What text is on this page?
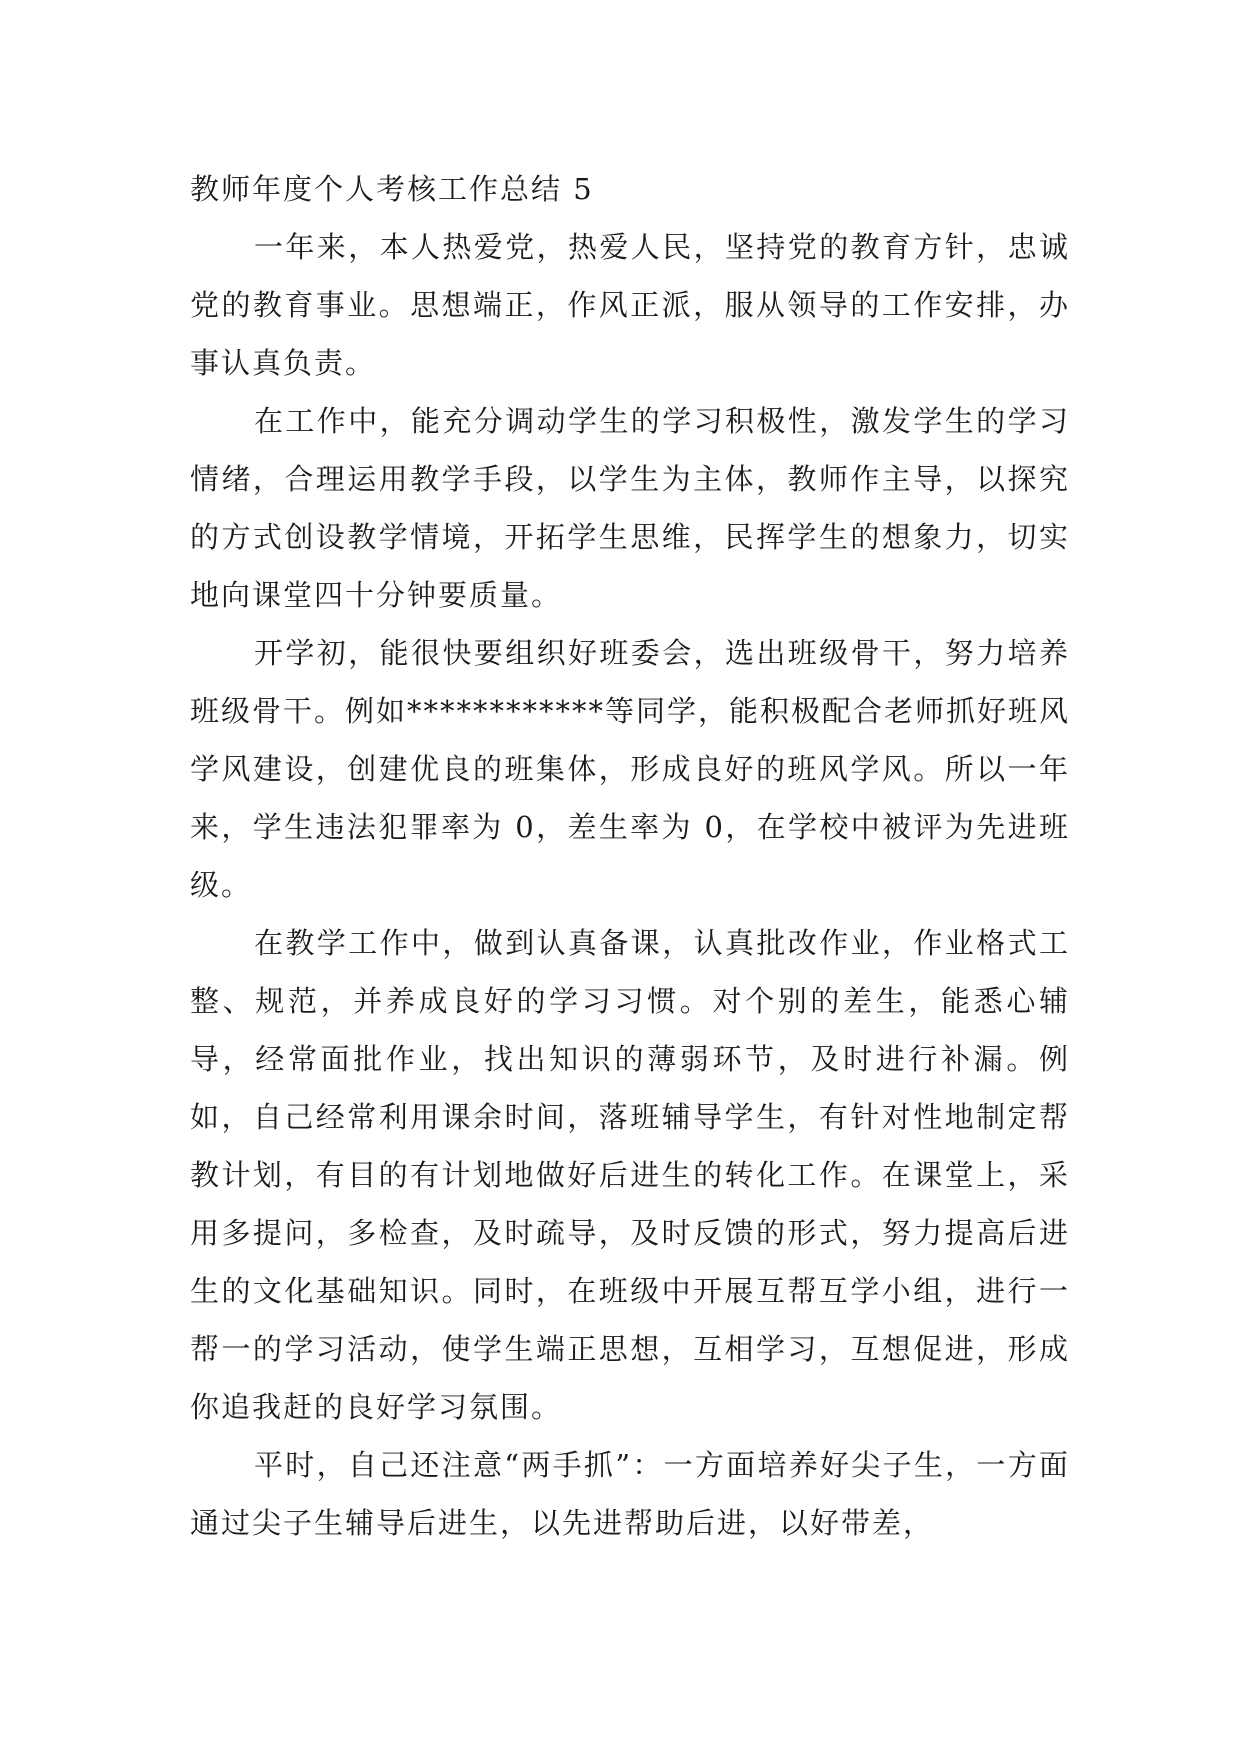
教师年度个人考核工作总结 5

一年来，本人热爱党，热爱人民，坚持党的教育方针，忠诚党的教育事业。思想端正，作风正派，服从领导的工作安排，办事认真负责。

在工作中，能充分调动学生的学习积极性，激发学生的学习情绪，合理运用教学手段，以学生为主体，教师作主导，以探究的方式创设教学情境，开拓学生思维，民挥学生的想象力，切实地向课堂四十分钟要质量。

开学初，能很快要组织好班委会，选出班级骨干，努力培养班级骨干。例如************等同学，能积极配合老师抓好班风学风建设，创建优良的班集体，形成良好的班风学风。所以一年来，学生违法犯罪率为 0，差生率为 0，在学校中被评为先进班级。

在教学工作中，做到认真备课，认真批改作业，作业格式工整、规范，并养成良好的学习习惯。对个别的差生，能悉心辅导，经常面批作业，找出知识的薄弱环节，及时进行补漏。例如，自己经常利用课余时间，落班辅导学生，有针对性地制定帮教计划，有目的有计划地做好后进生的转化工作。在课堂上，采用多提问，多检查，及时疏导，及时反馈的形式，努力提高后进生的文化基础知识。同时，在班级中开展互帮互学小组，进行一帮一的学习活动，使学生端正思想，互相学习，互想促进，形成你追我赶的良好学习氛围。

平时，自己还注意“两手抓”：一方面培养好尖子生，一方面通过尖子生辅导后进生，以先进帮助后进，以好带差，
